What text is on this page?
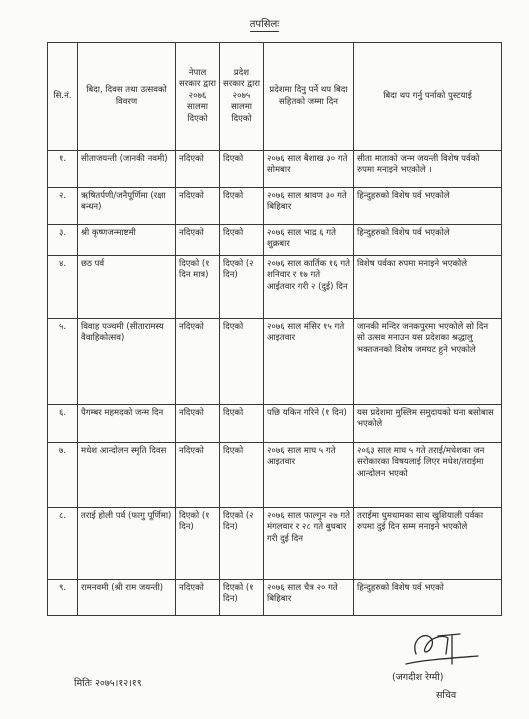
तपसिलः
सि.नं.	बिदा, दिवस तथा उत्सवको विवरण	नेपाल सरकार द्वारा २०७६ सालमा दिएको	प्रदेश सरकार द्वारा २०७५ सालमा दिएको	प्रदेशमा दिनु पर्ने थप बिदा सहितको जम्मा दिन	बिदा थप गर्नु पर्नाको पुस्टयाई
१.	सीताजयन्ती (जानकी नवमी)	नदिएको	दिएको	२०७६ साल बैशाख ३० गते सोमबार	सीता माताको जन्म जयन्ती विशेष पर्वको रुपमा मनाइने भएकोले ।
२.	ऋषितर्पणी/जनैपूर्णिमा (रक्षा बन्धन)	नदिएको	दिएको	२०७६ साल श्रावण ३० गते बिहिबार	हिन्दुहरुको विशेष पर्व भएकोले
३.	श्री कृष्णजन्माष्टमी	नदिएको	दिएको	२०७६ साल भाद्र ६ गते शुक्रबार	हिन्दुहरुको विशेष पर्व भएकोले
४.	छठ पर्व	दिएको (१ दिन मात्र)	दिएको (२ दिन)	२०७६ साल कार्तिक १६ गते शनिवार र १७ गते आईतवार गरी २ (दुई) दिन	विशेष पर्वका रुपमा मनाइने भएकोले
५.	विवाह पञ्चमी (सीतारामस्य वैवाहिकोत्सव)	नदिएको	दिएको	२०७६ साल मंसिर १५ गते आइतवार	जानकी मन्दिर जनकपुरमा भएकोले सो दिन सो उत्सव मनाउन यस प्रदेशका श्रद्धालु भक्तजनको विशेष जमघट हुने भएकोले
६.	पैगम्बर महमदको जन्म दिन	नदिएको	दिएको	पछि यकिन गरिने (१ दिन)	यस प्रदेशमा मुस्लिम समुदायको घना बसोबास भएकोले
७.	मधेश आन्दोलन स्मृति दिवस	नदिएको	दिएको	२०७६ साल माघ ५ गते आइतवार	२०६३ साल माघ ५ गते तराई/मधेशका जन सरोकारका विषयलाई लिएर मधेश/तराईमा आन्दोलन भएको
८.	तराई होली पर्व (फागु पूर्णिमा)	दिएको (१ दिन)	दिएको (२ दिन)	२०७६ साल फाल्गुन २७ गते मंगलवार र २८ गते बुधबार गरी दुई दिन	तराईमा धुमधामका साथ खुशियाली पर्वका रुपमा दुई दिन सम्म मनाइने भएकोले
९.	रामनवमी (श्री राम जयन्ती)	नदिएको	दिएको (१ दिन)	२०७६ साल चैत्र २० गते बिहिबार	हिन्दुहरुको विशेष पर्व भएको
मितिः २०७५।१२।१९
(जगदीश रेग्मी)
सचिव
